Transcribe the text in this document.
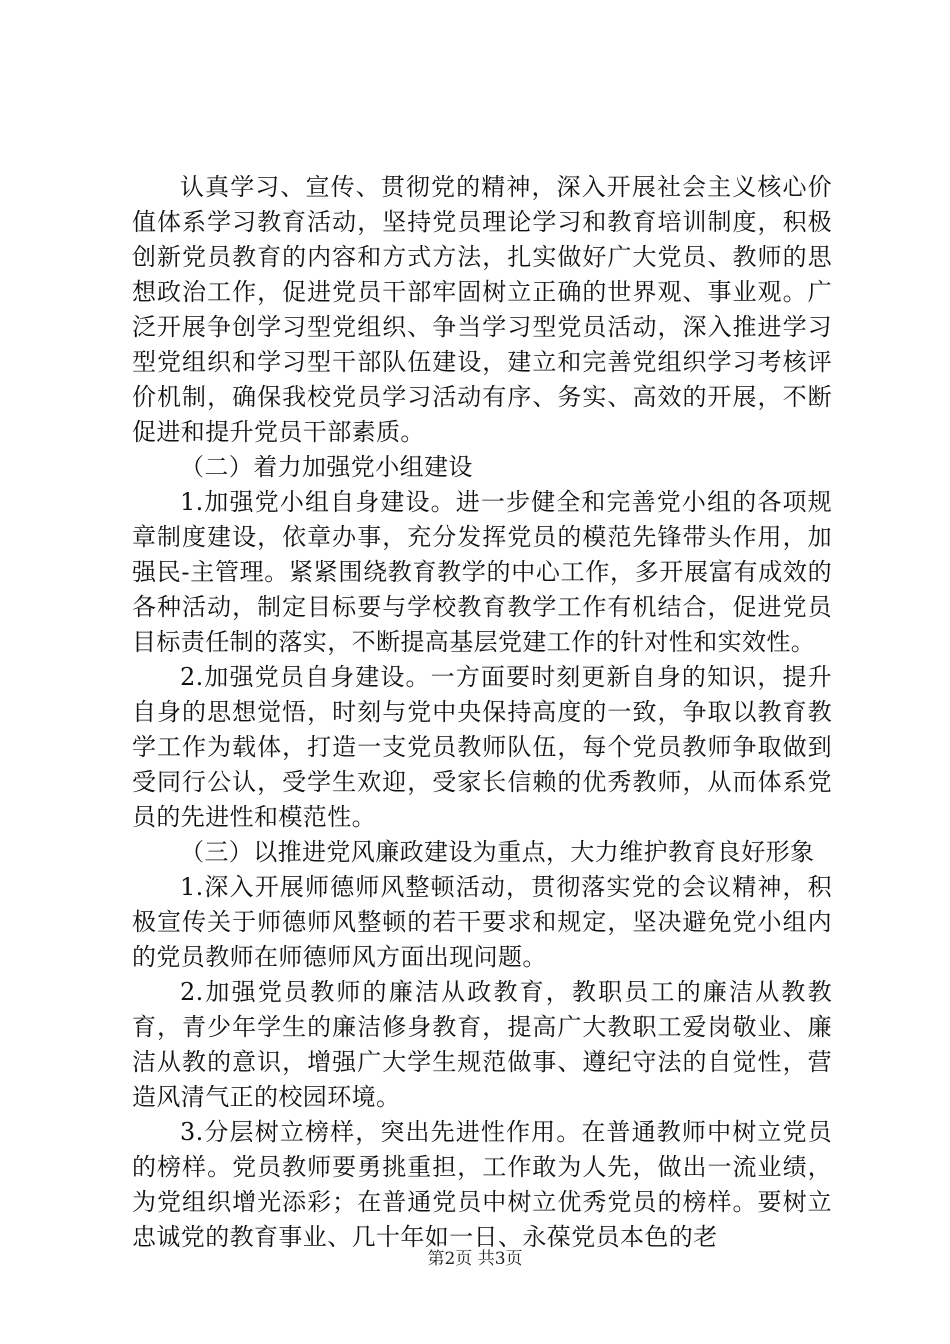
认真学习、宣传、贯彻党的精神，深入开展社会主义核心价值体系学习教育活动，坚持党员理论学习和教育培训制度，积极创新党员教育的内容和方式方法，扎实做好广大党员、教师的思想政治工作，促进党员干部牢固树立正确的世界观、事业观。广泛开展争创学习型党组织、争当学习型党员活动，深入推进学习型党组织和学习型干部队伍建设，建立和完善党组织学习考核评价机制，确保我校党员学习活动有序、务实、高效的开展，不断促进和提升党员干部素质。

（二）着力加强党小组建设

1.加强党小组自身建设。进一步健全和完善党小组的各项规章制度建设，依章办事，充分发挥党员的模范先锋带头作用，加强民-主管理。紧紧围绕教育教学的中心工作，多开展富有成效的各种活动，制定目标要与学校教育教学工作有机结合，促进党员目标责任制的落实，不断提高基层党建工作的针对性和实效性。

2.加强党员自身建设。一方面要时刻更新自身的知识，提升自身的思想觉悟，时刻与党中央保持高度的一致，争取以教育教学工作为载体，打造一支党员教师队伍，每个党员教师争取做到受同行公认，受学生欢迎，受家长信赖的优秀教师，从而体系党员的先进性和模范性。

（三）以推进党风廉政建设为重点，大力维护教育良好形象

1.深入开展师德师风整顿活动，贯彻落实党的会议精神，积极宣传关于师德师风整顿的若干要求和规定，坚决避免党小组内的党员教师在师德师风方面出现问题。

2.加强党员教师的廉洁从政教育，教职员工的廉洁从教教育，青少年学生的廉洁修身教育，提高广大教职工爱岗敬业、廉洁从教的意识，增强广大学生规范做事、遵纪守法的自觉性，营造风清气正的校园环境。

3.分层树立榜样，突出先进性作用。在普通教师中树立党员的榜样。党员教师要勇挑重担，工作敢为人先，做出一流业绩，为党组织增光添彩；在普通党员中树立优秀党员的榜样。要树立忠诚党的教育事业、几十年如一日、永葆党员本色的老

第2页 共3页
